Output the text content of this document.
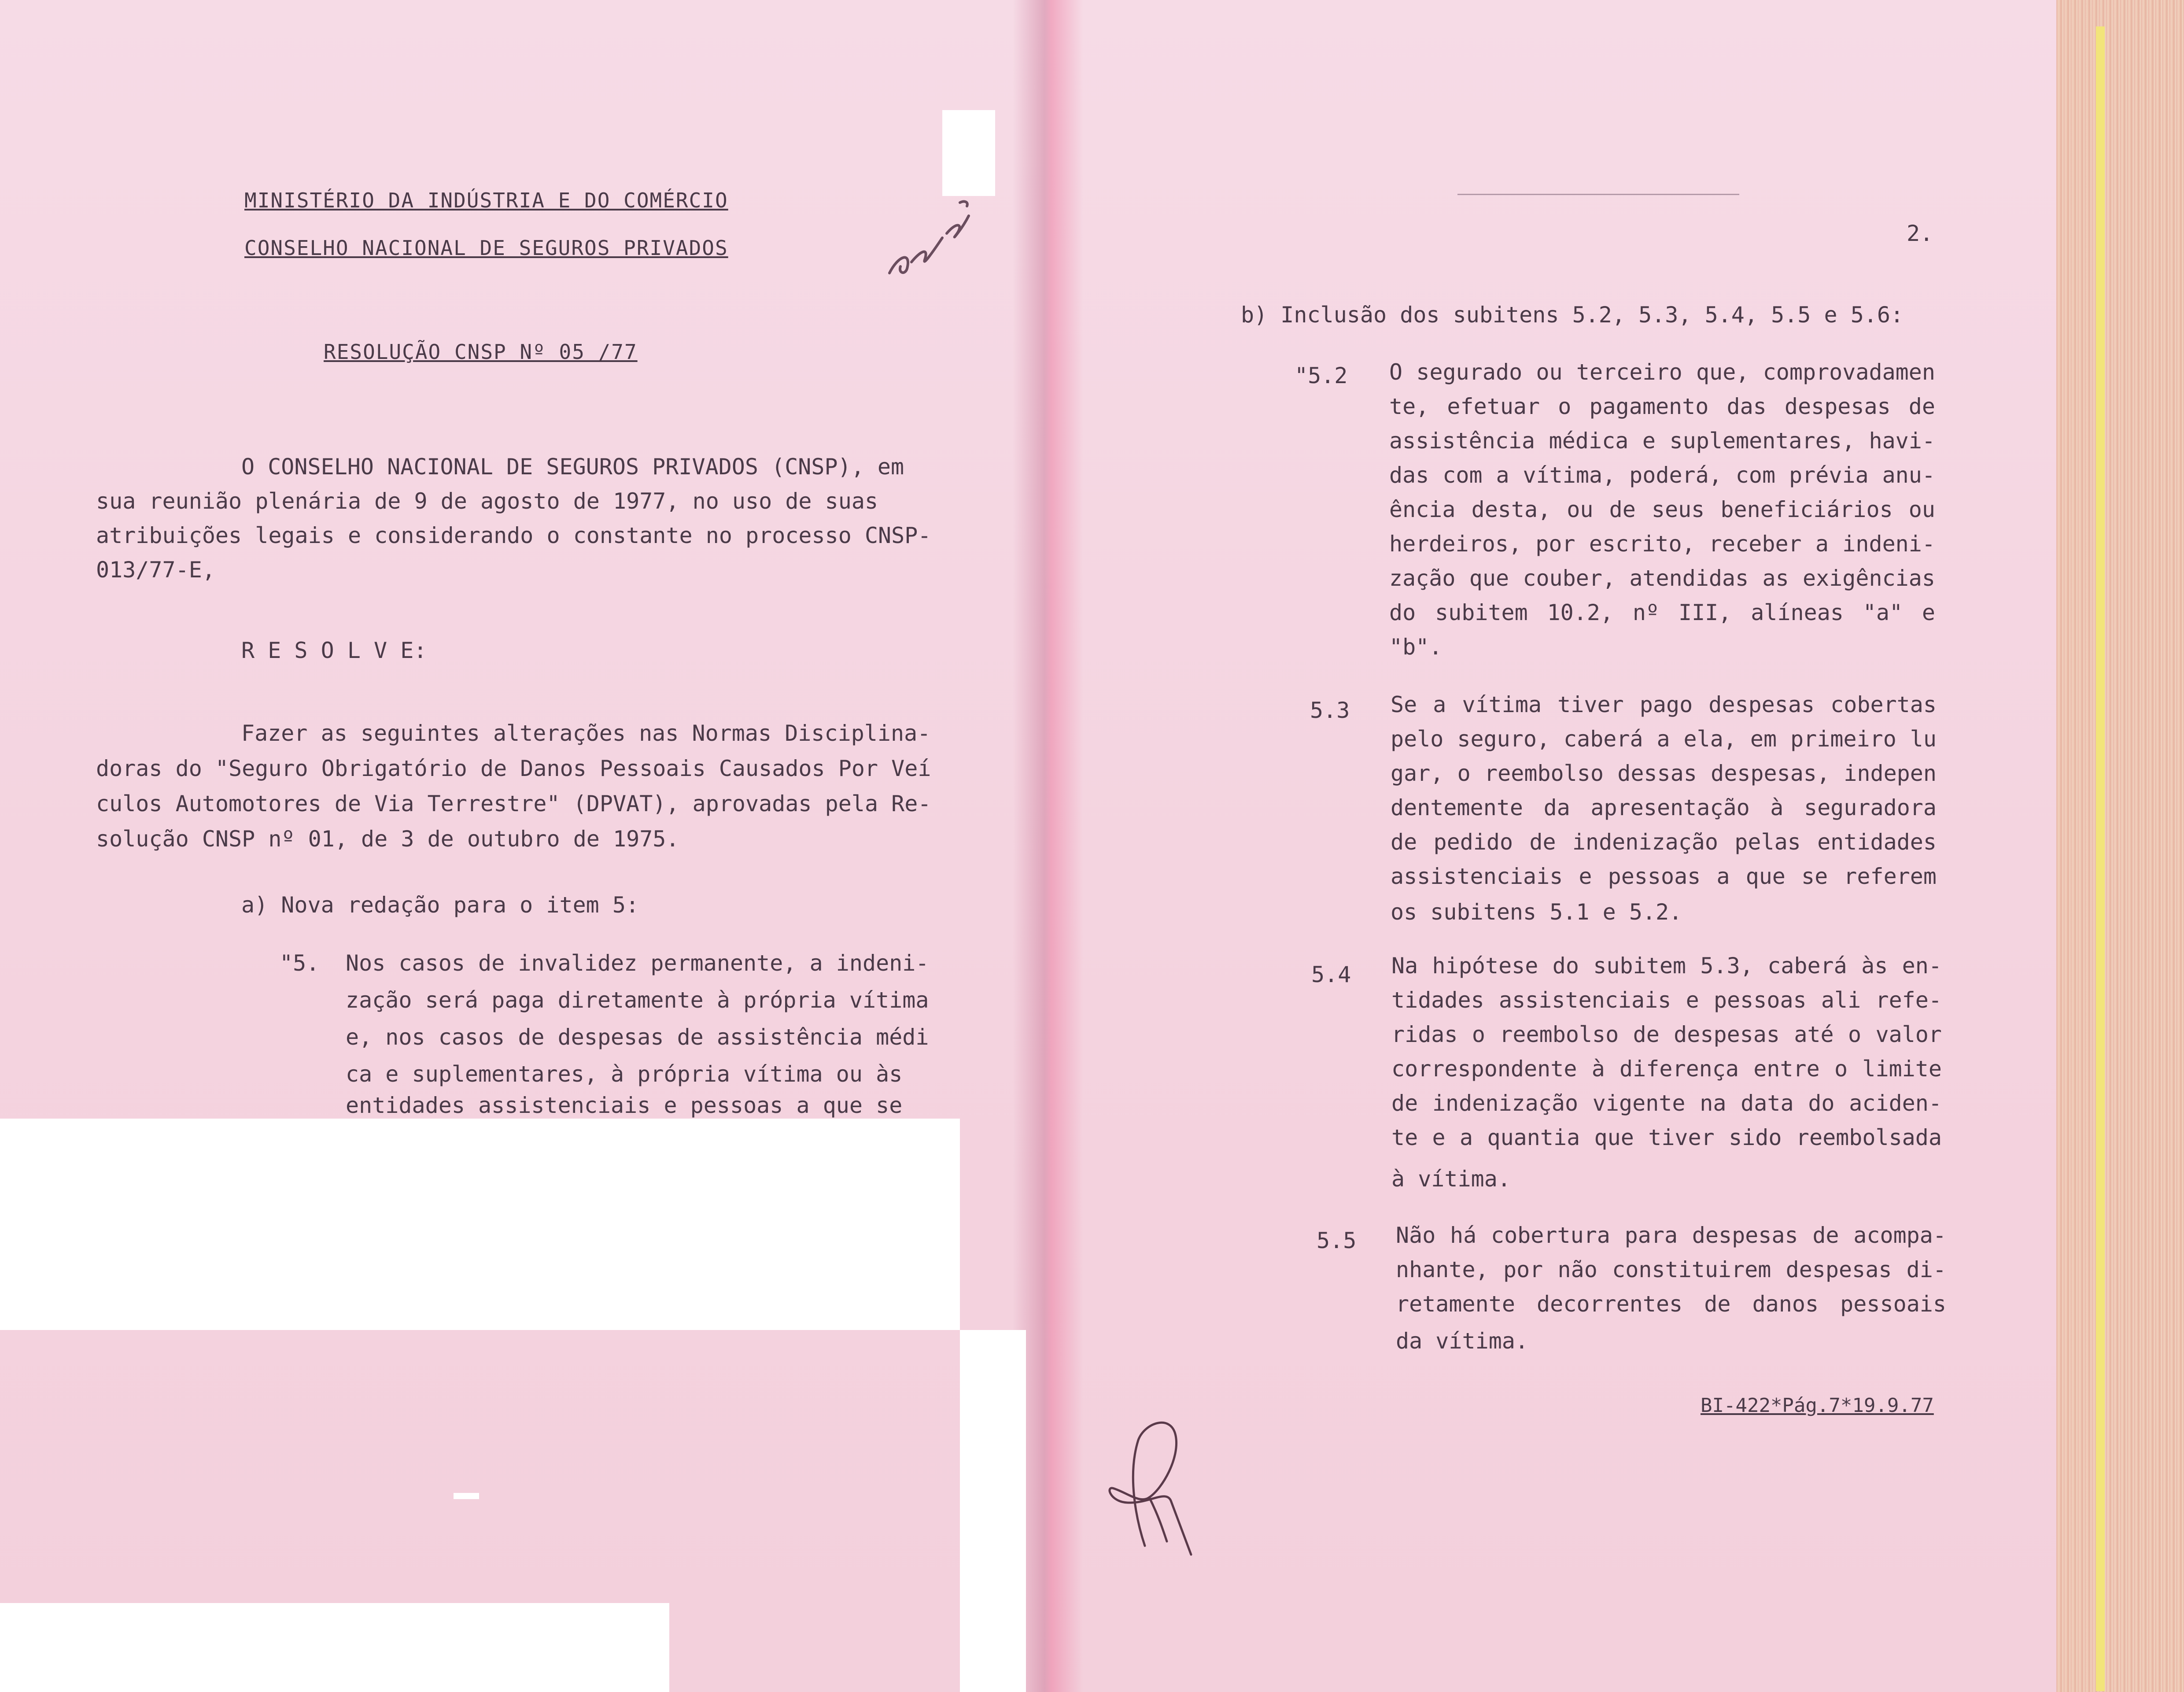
MINISTÉRIO DA INDÚSTRIA E DO COMÉRCIO

CONSELHO NACIONAL DE SEGUROS PRIVADOS

RESOLUÇÃO CNSP Nº 05 /77

O CONSELHO NACIONAL DE SEGUROS PRIVADOS (CNSP), em

sua reunião plenária de 9 de agosto de 1977, no uso de suas

atribuições legais e considerando o constante no processo CNSP-

013/77-E,

R E S O L V E:

Fazer as seguintes alterações nas Normas Disciplina-

doras do "Seguro Obrigatório de Danos Pessoais Causados Por Veí

culos Automotores de Via Terrestre" (DPVAT), aprovadas pela Re-

solução CNSP nº 01, de 3 de outubro de 1975.

a) Nova redação para o item 5:

"5. Nos casos de invalidez permanente, a indeni-

zação será paga diretamente à própria vítima

e, nos casos de despesas de assistência médi

ca e suplementares, à própria vítima ou às

entidades assistenciais e pessoas a que se

2.

b) Inclusão dos subitens 5.2, 5.3, 5.4, 5.5 e 5.6:

"5.2 O segurado ou terceiro que, comprovadamen

te, efetuar o pagamento das despesas de

assistência médica e suplementares, havi-

das com a vítima, poderá, com prévia anu-

ência desta, ou de seus beneficiários ou

herdeiros, por escrito, receber a indeni-

zação que couber, atendidas as exigências

do subitem 10.2, nº III, alíneas "a" e

"b".

5.3 Se a vítima tiver pago despesas cobertas

pelo seguro, caberá a ela, em primeiro lu

gar, o reembolso dessas despesas, indepen

dentemente da apresentação à seguradora

de pedido de indenização pelas entidades

assistenciais e pessoas a que se referem

os subitens 5.1 e 5.2.

5.4 Na hipótese do subitem 5.3, caberá às en-

tidades assistenciais e pessoas ali refe-

ridas o reembolso de despesas até o valor

correspondente à diferença entre o limite

de indenização vigente na data do aciden-

te e a quantia que tiver sido reembolsada

à vítima.

5.5 Não há cobertura para despesas de acompa-

nhante, por não constituirem despesas di-

retamente decorrentes de danos pessoais

da vítima.

BI-422*Pág.7*19.9.77
